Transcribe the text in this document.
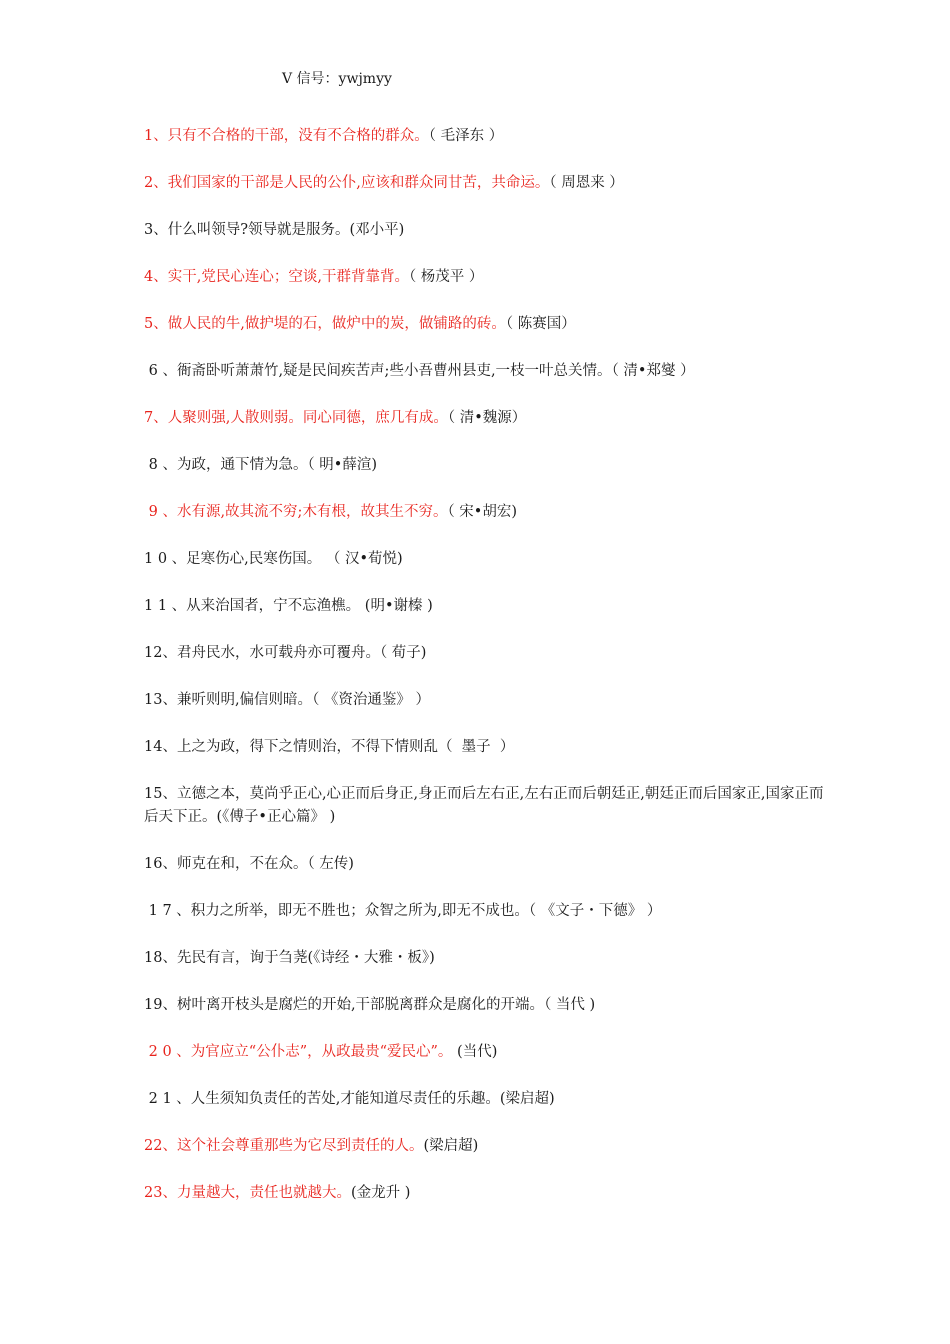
V 信号：ywjmyy
1、只有不合格的干部，没有不合格的群众。（ 毛泽东 ）
2、我们国家的干部是人民的公仆,应该和群众同甘苦，共命运。（ 周恩来 ）
3、什么叫领导?领导就是服务。(邓小平)
4、实干,党民心连心；空谈,干群背靠背。（ 杨茂平 ）
5、做人民的牛,做护堤的石，做炉中的炭，做铺路的砖。（ 陈赛国）
6 、衙斋卧听萧萧竹,疑是民间疾苦声;些小吾曹州县吏,一枝一叶总关情。（ 清•郑燮 ）
7、人聚则强,人散则弱。同心同德，庶几有成。（ 清•魏源）
8 、为政，通下情为急。（ 明•薛渲)
9 、水有源,故其流不穷;木有根，故其生不穷。（ 宋•胡宏)
1 0 、足寒伤心,民寒伤国。 （ 汉•荀悦)
1 1 、从来治国者，宁不忘渔樵。 (明•谢榛 )
12、君舟民水，水可载舟亦可覆舟。（ 荀子)
13、兼听则明,偏信则暗。（ 《资治通鉴》 ）
14、上之为政，得下之情则治，不得下情则乱（  墨子  ）
15、立德之本，莫尚乎正心,心正而后身正,身正而后左右正,左右正而后朝廷正,朝廷正而后国家正,国家正而后天下正。(《傅子•正心篇》 )
16、师克在和，不在众。（ 左传)
1 7 、积力之所举，即无不胜也；众智之所为,即无不成也。（ 《文子・下德》 ）
18、先民有言，询于刍荛(《诗经・大雅・板》)
19、树叶离开枝头是腐烂的开始,干部脱离群众是腐化的开端。（ 当代 )
2 0 、为官应立“公仆志”，从政最贵“爱民心”。 (当代)
2 1 、人生须知负责任的苦处,才能知道尽责任的乐趣。(梁启超)
22、这个社会尊重那些为它尽到责任的人。(梁启超)
23、力量越大，责任也就越大。(金龙升 )
